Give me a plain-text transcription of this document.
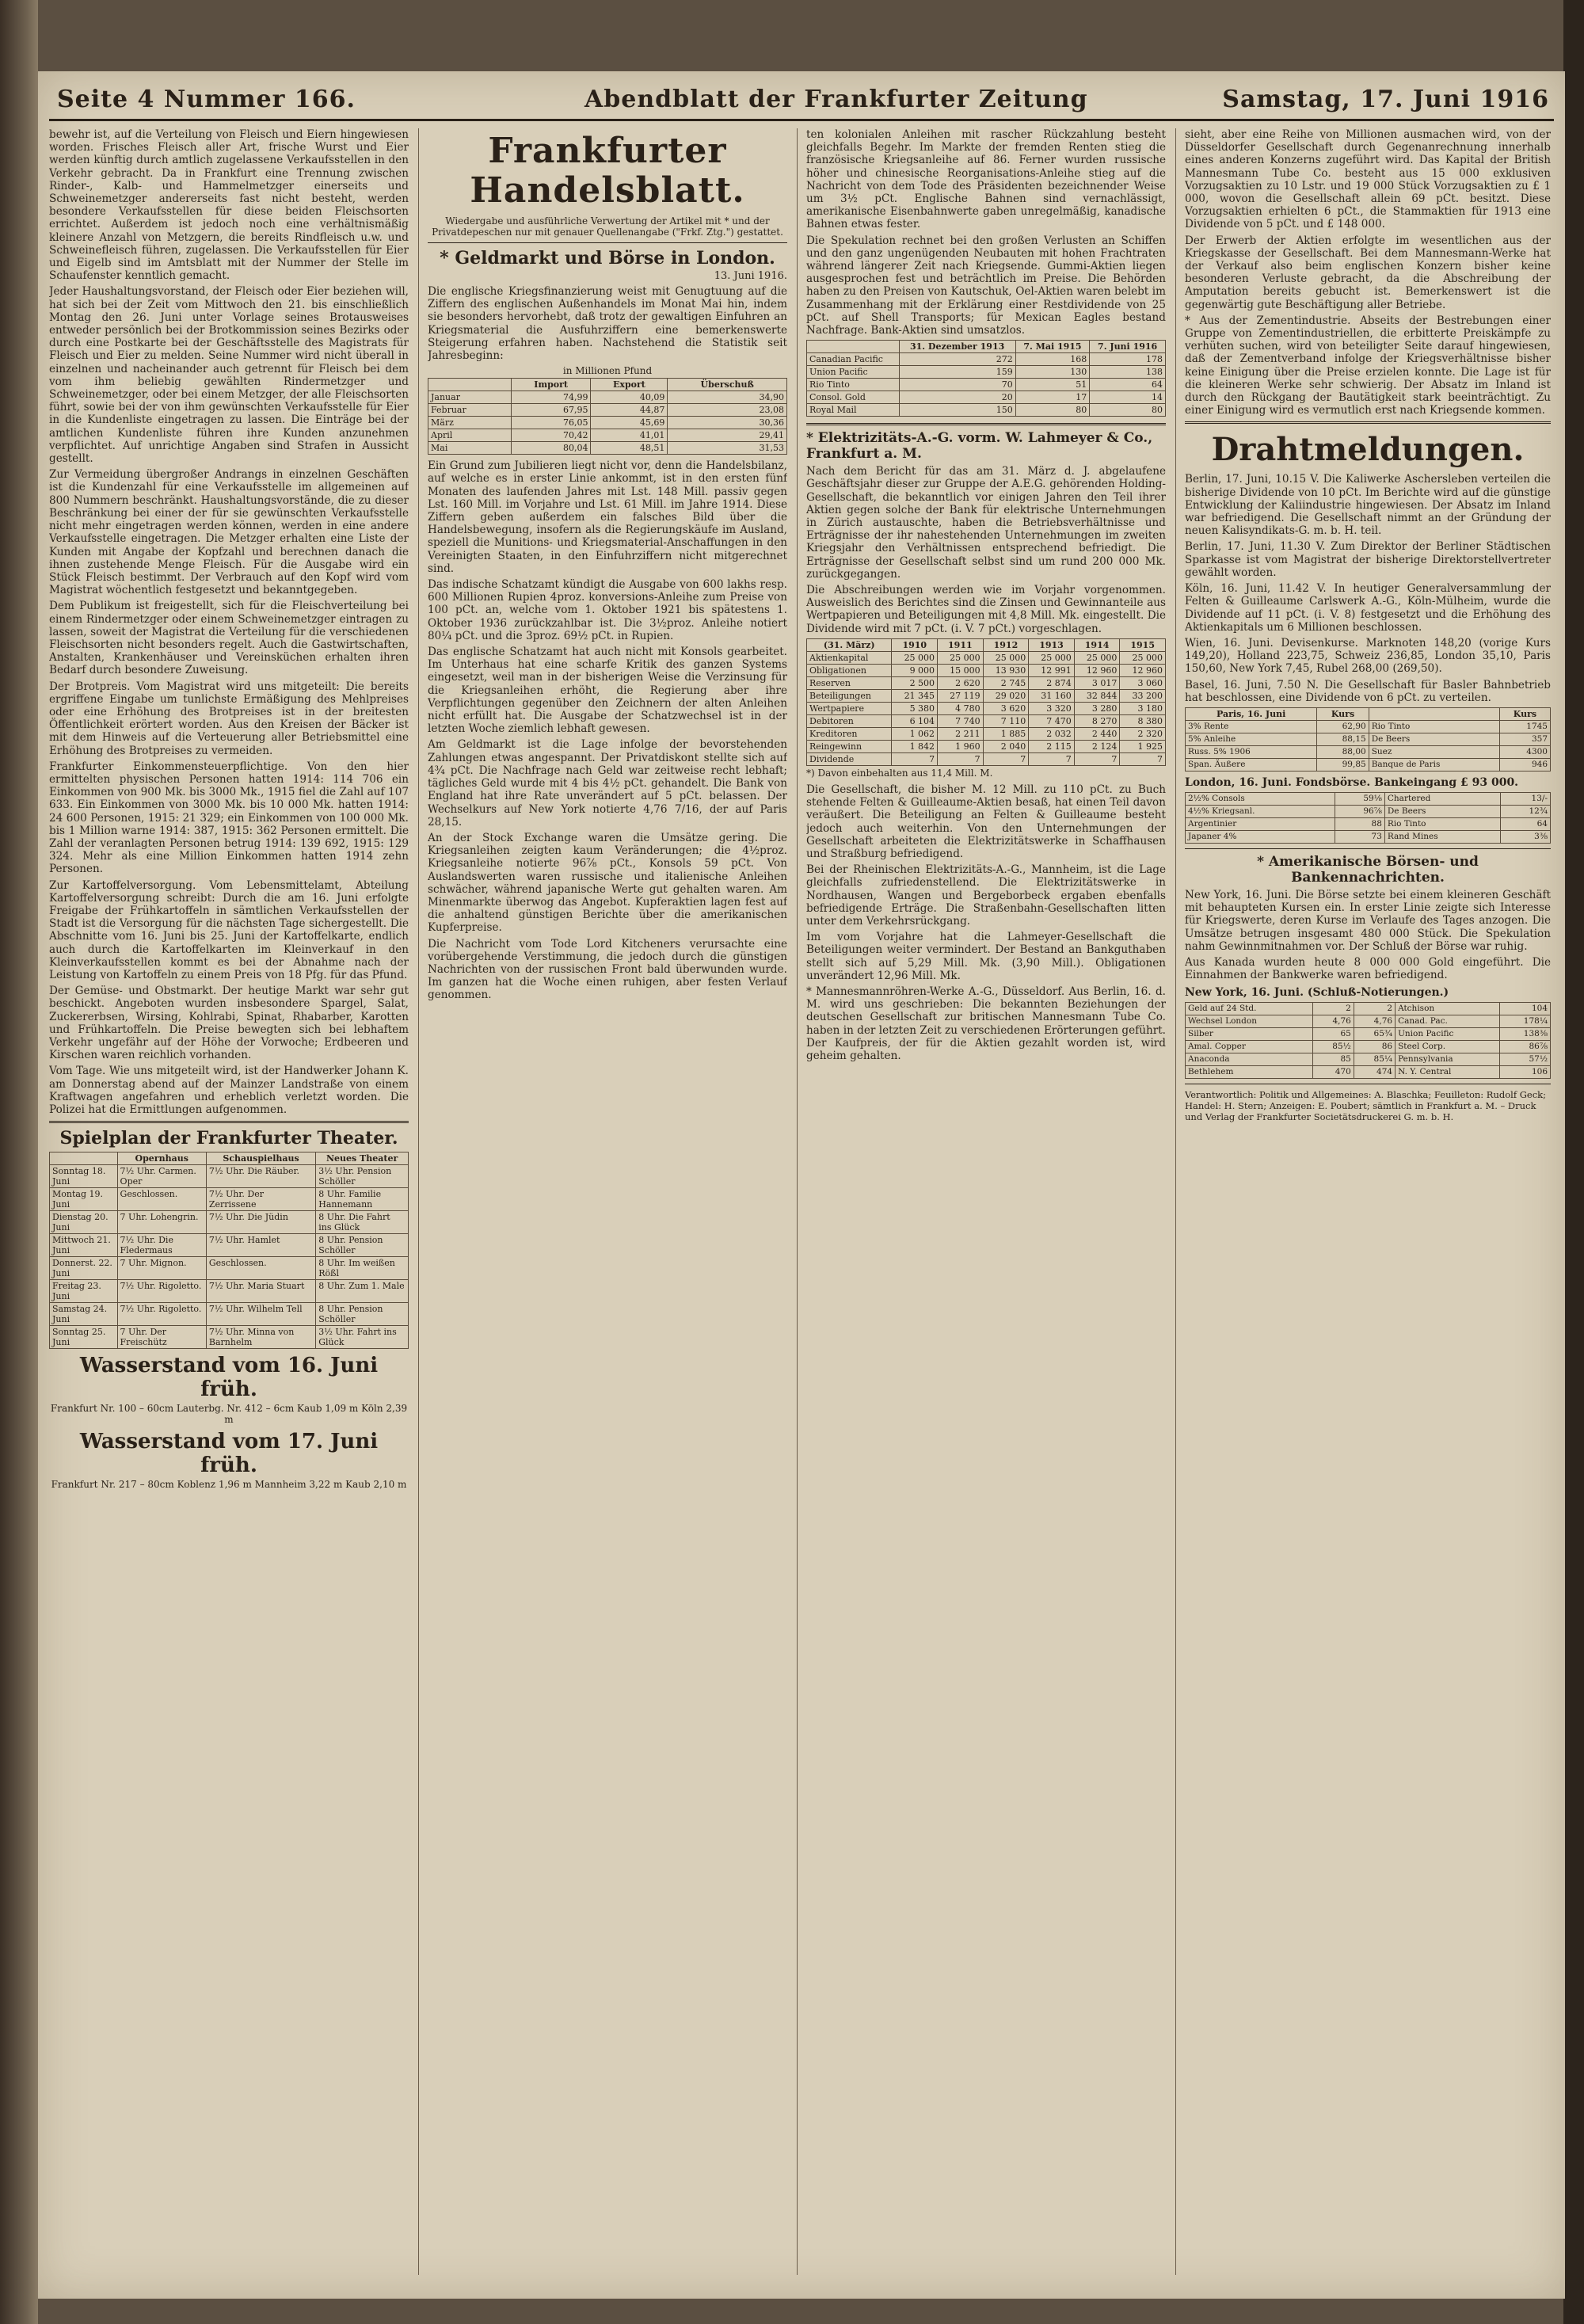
Seite 4 Nummer 166.	Abendblatt der Frankfurter Zeitung	Samstag, 17. Juni 1916

bewehr ist, auf die Verteilung von Fleisch und Eiern hingewiesen worden. Frisches Fleisch aller Art, frische Wurst und Eier werden künftig durch amtlich zugelassene Verkaufsstellen in den Verkehr gebracht. Da in Frankfurt eine Trennung zwischen Rinder-, Kalb- und Hammelmetzger einerseits und Schweinemetzger andererseits fast nicht besteht, werden besondere Verkaufsstellen für diese beiden Fleischsorten errichtet. Außerdem ist jedoch noch eine verhältnismäßig kleinere Anzahl von Metzgern, die bereits Rindfleisch u.w. und Schweinefleisch führen, zugelassen. Die Verkaufsstellen für Eier und Eigelb sind im Amtsblatt mit der Nummer der Stelle im Schaufenster kenntlich gemacht.

Jeder Haushaltungsvorstand, der Fleisch oder Eier beziehen will, hat sich bei der Zeit vom Mittwoch den 21. bis einschließlich Montag den 26. Juni unter Vorlage seines Brotausweises entweder persönlich bei der Brotkommission seines Bezirks oder durch eine Postkarte bei der Geschäftsstelle des Magistrats für Fleisch und Eier zu melden. Seine Nummer wird nicht überall in einzelnen und nacheinander auch getrennt für Fleisch bei dem vom ihm beliebig gewählten Rindermetzger und Schweinemetzger, oder bei einem Metzger, der alle Fleischsorten führt, sowie bei der von ihm gewünschten Verkaufsstelle für Eier in die Kundenliste eingetragen zu lassen. Die Einträge bei der amtlichen Kundenliste führen ihre Kunden anzunehmen verpflichtet. Auf unrichtige Angaben sind Strafen in Aussicht gestellt.

Zur Vermeidung übergroßer Andrangs in einzelnen Geschäften ist die Kundenzahl für eine Verkaufsstelle im allgemeinen auf 800 Nummern beschränkt. Haushaltungsvorstände, die zu dieser Beschränkung bei einer der für sie gewünschten Verkaufsstelle nicht mehr eingetragen werden können, werden in eine andere Verkaufsstelle eingetragen. Die Metzger erhalten eine Liste der Kunden mit Angabe der Kopfzahl und berechnen danach die ihnen zustehende Menge Fleisch. Für die Ausgabe wird ein Stück Fleisch bestimmt. Der Verbrauch auf den Kopf wird vom Magistrat wöchentlich festgesetzt und bekanntgegeben.

Dem Publikum ist freigestellt, sich für die Fleischverteilung bei einem Rindermetzger oder einem Schweinemetzger eintragen zu lassen, soweit der Magistrat die Verteilung für die verschiedenen Fleischsorten nicht besonders regelt. Auch die Gastwirtschaften, Anstalten, Krankenhäuser und Vereinsküchen erhalten ihren Bedarf durch besondere Zuweisung.

Der Brotpreis. Vom Magistrat wird uns mitgeteilt: Die bereits ergriffene Eingabe um tunlichste Ermäßigung des Mehlpreises oder eine Erhöhung des Brotpreises ist in der breitesten Öffentlichkeit erörtert worden. Aus den Kreisen der Bäcker ist mit dem Hinweis auf die Verteuerung aller Betriebsmittel eine Erhöhung des Brotpreises zu vermeiden.

Frankfurter Einkommensteuerpflichtige. Von den hier ermittelten physischen Personen hatten 1914: 114 706 ein Einkommen von 900 Mk. bis 3000 Mk., 1915 fiel die Zahl auf 107 633. Ein Einkommen von 3000 Mk. bis 10 000 Mk. hatten 1914: 24 600 Personen, 1915: 21 329; ein Einkommen von 100 000 Mk. bis 1 Million warne 1914: 387, 1915: 362 Personen ermittelt. Die Zahl der veranlagten Personen betrug 1914: 139 692, 1915: 129 324. Mehr als eine Million Einkommen hatten 1914 zehn Personen.

Zur Kartoffelversorgung. Vom Lebensmittelamt, Abteilung Kartoffelversorgung schreibt: Durch die am 16. Juni erfolgte Freigabe der Frühkartoffeln in sämtlichen Verkaufsstellen der Stadt ist die Versorgung für die nächsten Tage sichergestellt. Die Abschnitte vom 16. Juni bis 25. Juni der Kartoffelkarte, endlich auch durch die Kartoffelkarten im Kleinverkauf in den Kleinverkaufsstellen kommt es bei der Abnahme nach der Leistung von Kartoffeln zu einem Preis von 18 Pfg. für das Pfund.

Der Gemüse- und Obstmarkt. Der heutige Markt war sehr gut beschickt. Angeboten wurden insbesondere Spargel, Salat, Zuckererbsen, Wirsing, Kohlrabi, Spinat, Rhabarber, Karotten und Frühkartoffeln. Die Preise bewegten sich bei lebhaftem Verkehr ungefähr auf der Höhe der Vorwoche; Erdbeeren und Kirschen waren reichlich vorhanden.

Vom Tage. Wie uns mitgeteilt wird, ist der Handwerker Johann K. am Donnerstag abend auf der Mainzer Landstraße von einem Kraftwagen angefahren und erheblich verletzt worden. Die Polizei hat die Ermittlungen aufgenommen.

Spielplan der Frankfurter Theater.
	Opernhaus	Schauspielhaus	Neues Theater
Sonntag 18. Juni	7½ Uhr. Carmen. Oper	7½ Uhr. Die Räuber.	3½ Uhr. Pension Schöller
Montag 19. Juni	Geschlossen.	7½ Uhr. Der Zerrissene	8 Uhr. Familie Hannemann
Dienstag 20. Juni	7 Uhr. Lohengrin.	7½ Uhr. Die Jüdin	8 Uhr. Die Fahrt ins Glück
Mittwoch 21. Juni	7½ Uhr. Die Fledermaus	7½ Uhr. Hamlet	8 Uhr. Pension Schöller
Donnerst. 22. Juni	7 Uhr. Mignon.	Geschlossen.	8 Uhr. Im weißen Rößl
Freitag 23. Juni	7½ Uhr. Rigoletto.	7½ Uhr. Maria Stuart	8 Uhr. Zum 1. Male
Samstag 24. Juni	7½ Uhr. Rigoletto.	7½ Uhr. Wilhelm Tell	8 Uhr. Pension Schöller
Sonntag 25. Juni	7 Uhr. Der Freischütz	7½ Uhr. Minna von Barnhelm	3½ Uhr. Fahrt ins Glück
Wasserstand vom 16. Juni früh.
Frankfurt Nr. 100 – 60cm Lauterbg. Nr. 412 – 6cm Kaub 1,09 m Köln 2,39 m
Wasserstand vom 17. Juni früh.
Frankfurt Nr. 217 – 80cm Koblenz 1,96 m Mannheim 3,22 m Kaub 2,10 m
Frankfurter Handelsblatt.
Wiedergabe und ausführliche Verwertung der Artikel mit * und der Privatdepeschen nur mit genauer Quellenangabe ("Frkf. Ztg.") gestattet.
* Geldmarkt und Börse in London.
13. Juni 1916.

Die englische Kriegsfinanzierung weist mit Genugtuung auf die Ziffern des englischen Außenhandels im Monat Mai hin, indem sie besonders hervorhebt, daß trotz der gewaltigen Einfuhren an Kriegsmaterial die Ausfuhrziffern eine bemerkenswerte Steigerung erfahren haben. Nachstehend die Statistik seit Jahresbeginn:

in Millionen Pfund
	Import	Export	Überschuß
Januar	74,99	40,09	34,90
Februar	67,95	44,87	23,08
März	76,05	45,69	30,36
April	70,42	41,01	29,41
Mai	80,04	48,51	31,53

Ein Grund zum Jubilieren liegt nicht vor, denn die Handelsbilanz, auf welche es in erster Linie ankommt, ist in den ersten fünf Monaten des laufenden Jahres mit Lst. 148 Mill. passiv gegen Lst. 160 Mill. im Vorjahre und Lst. 61 Mill. im Jahre 1914. Diese Ziffern geben außerdem ein falsches Bild über die Handelsbewegung, insofern als die Regierungskäufe im Ausland, speziell die Munitions- und Kriegsmaterial-Anschaffungen in den Vereinigten Staaten, in den Einfuhrziffern nicht mitgerechnet sind.

Das indische Schatzamt kündigt die Ausgabe von 600 lakhs resp. 600 Millionen Rupien 4proz. konversions-Anleihe zum Preise von 100 pCt. an, welche vom 1. Oktober 1921 bis spätestens 1. Oktober 1936 zurückzahlbar ist. Die 3½proz. Anleihe notiert 80¼ pCt. und die 3proz. 69½ pCt. in Rupien.

Das englische Schatzamt hat auch nicht mit Konsols gearbeitet. Im Unterhaus hat eine scharfe Kritik des ganzen Systems eingesetzt, weil man in der bisherigen Weise die Verzinsung für die Kriegsanleihen erhöht, die Regierung aber ihre Verpflichtungen gegenüber den Zeichnern der alten Anleihen nicht erfüllt hat. Die Ausgabe der Schatzwechsel ist in der letzten Woche ziemlich lebhaft gewesen.

Am Geldmarkt ist die Lage infolge der bevorstehenden Zahlungen etwas angespannt. Der Privatdiskont stellte sich auf 4¾ pCt. Die Nachfrage nach Geld war zeitweise recht lebhaft; tägliches Geld wurde mit 4 bis 4½ pCt. gehandelt. Die Bank von England hat ihre Rate unverändert auf 5 pCt. belassen. Der Wechselkurs auf New York notierte 4,76 7/16, der auf Paris 28,15.

An der Stock Exchange waren die Umsätze gering. Die Kriegsanleihen zeigten kaum Veränderungen; die 4½proz. Kriegsanleihe notierte 96⅞ pCt., Konsols 59 pCt. Von Auslandswerten waren russische und italienische Anleihen schwächer, während japanische Werte gut gehalten waren. Am Minenmarkte überwog das Angebot. Kupferaktien lagen fest auf die anhaltend günstigen Berichte über die amerikanischen Kupferpreise.

Die Nachricht vom Tode Lord Kitcheners verursachte eine vorübergehende Verstimmung, die jedoch durch die günstigen Nachrichten von der russischen Front bald überwunden wurde. Im ganzen hat die Woche einen ruhigen, aber festen Verlauf genommen.

ten kolonialen Anleihen mit rascher Rückzahlung besteht gleichfalls Begehr. Im Markte der fremden Renten stieg die französische Kriegsanleihe auf 86. Ferner wurden russische höher und chinesische Reorganisations-Anleihe stieg auf die Nachricht von dem Tode des Präsidenten bezeichnender Weise um 3½ pCt. Englische Bahnen sind vernachlässigt, amerikanische Eisenbahnwerte gaben unregelmäßig, kanadische Bahnen etwas fester.

Die Spekulation rechnet bei den großen Verlusten an Schiffen und den ganz ungenügenden Neubauten mit hohen Frachtraten während längerer Zeit nach Kriegsende. Gummi-Aktien liegen ausgesprochen fest und beträchtlich im Preise. Die Behörden haben zu den Preisen von Kautschuk, Oel-Aktien waren belebt im Zusammenhang mit der Erklärung einer Restdividende von 25 pCt. auf Shell Transports; für Mexican Eagles bestand Nachfrage. Bank-Aktien sind umsatzlos.

	31. Dezember 1913	7. Mai 1915	7. Juni 1916
Canadian Pacific	272	168	178
Union Pacific	159	130	138
Rio Tinto	70	51	64
Consol. Gold	20	17	14
Royal Mail	150	80	80
* Elektrizitäts-A.-G. vorm. W. Lahmeyer & Co., Frankfurt a. M.

Nach dem Bericht für das am 31. März d. J. abgelaufene Geschäftsjahr dieser zur Gruppe der A.E.G. gehörenden Holding-Gesellschaft, die bekanntlich vor einigen Jahren den Teil ihrer Aktien gegen solche der Bank für elektrische Unternehmungen in Zürich austauschte, haben die Betriebsverhältnisse und Erträgnisse der ihr nahestehenden Unternehmungen im zweiten Kriegsjahr den Verhältnissen entsprechend befriedigt. Die Erträgnisse der Gesellschaft selbst sind um rund 200 000 Mk. zurückgegangen.

Die Abschreibungen werden wie im Vorjahr vorgenommen. Ausweislich des Berichtes sind die Zinsen und Gewinnanteile aus Wertpapieren und Beteiligungen mit 4,8 Mill. Mk. eingestellt. Die Dividende wird mit 7 pCt. (i. V. 7 pCt.) vorgeschlagen.

(31. März)	1910	1911	1912	1913	1914	1915
Aktienkapital	25 000	25 000	25 000	25 000	25 000	25 000
Obligationen	9 000	15 000	13 930	12 991	12 960	12 960
Reserven	2 500	2 620	2 745	2 874	3 017	3 060
Beteiligungen	21 345	27 119	29 020	31 160	32 844	33 200
Wertpapiere	5 380	4 780	3 620	3 320	3 280	3 180
Debitoren	6 104	7 740	7 110	7 470	8 270	8 380
Kreditoren	1 062	2 211	1 885	2 032	2 440	2 320
Reingewinn	1 842	1 960	2 040	2 115	2 124	1 925
Dividende	7	7	7	7	7	7
*) Davon einbehalten aus 11,4 Mill. M.

Die Gesellschaft, die bisher M. 12 Mill. zu 110 pCt. zu Buch stehende Felten & Guilleaume-Aktien besaß, hat einen Teil davon veräußert. Die Beteiligung an Felten & Guilleaume besteht jedoch auch weiterhin. Von den Unternehmungen der Gesellschaft arbeiteten die Elektrizitätswerke in Schaffhausen und Straßburg befriedigend.

Bei der Rheinischen Elektrizitäts-A.-G., Mannheim, ist die Lage gleichfalls zufriedenstellend. Die Elektrizitätswerke in Nordhausen, Wangen und Bergeborbeck ergaben ebenfalls befriedigende Erträge. Die Straßenbahn-Gesellschaften litten unter dem Verkehrsrückgang.

Im vom Vorjahre hat die Lahmeyer-Gesellschaft die Beteiligungen weiter vermindert. Der Bestand an Bankguthaben stellt sich auf 5,29 Mill. Mk. (3,90 Mill.). Obligationen unverändert 12,96 Mill. Mk.

* Mannesmannröhren-Werke A.-G., Düsseldorf. Aus Berlin, 16. d. M. wird uns geschrieben: Die bekannten Beziehungen der deutschen Gesellschaft zur britischen Mannesmann Tube Co. haben in der letzten Zeit zu verschiedenen Erörterungen geführt. Der Kaufpreis, der für die Aktien gezahlt worden ist, wird geheim gehalten.

sieht, aber eine Reihe von Millionen ausmachen wird, von der Düsseldorfer Gesellschaft durch Gegenanrechnung innerhalb eines anderen Konzerns zugeführt wird. Das Kapital der British Mannesmann Tube Co. besteht aus 15 000 exklusiven Vorzugsaktien zu 10 Lstr. und 19 000 Stück Vorzugsaktien zu £ 1 000, wovon die Gesellschaft allein 69 pCt. besitzt. Diese Vorzugsaktien erhielten 6 pCt., die Stammaktien für 1913 eine Dividende von 5 pCt. und £ 148 000.

Der Erwerb der Aktien erfolgte im wesentlichen aus der Kriegskasse der Gesellschaft. Bei dem Mannesmann-Werke hat der Verkauf also beim englischen Konzern bisher keine besonderen Verluste gebracht, da die Abschreibung der Amputation bereits gebucht ist. Bemerkenswert ist die gegenwärtig gute Beschäftigung aller Betriebe.

* Aus der Zementindustrie. Abseits der Bestrebungen einer Gruppe von Zementindustriellen, die erbitterte Preiskämpfe zu verhüten suchen, wird von beteiligter Seite darauf hingewiesen, daß der Zementverband infolge der Kriegsverhältnisse bisher keine Einigung über die Preise erzielen konnte. Die Lage ist für die kleineren Werke sehr schwierig. Der Absatz im Inland ist durch den Rückgang der Bautätigkeit stark beeinträchtigt. Zu einer Einigung wird es vermutlich erst nach Kriegsende kommen.

Drahtmeldungen.

Berlin, 17. Juni, 10.15 V. Die Kaliwerke Aschersleben verteilen die bisherige Dividende von 10 pCt. Im Berichte wird auf die günstige Entwicklung der Kaliindustrie hingewiesen. Der Absatz im Inland war befriedigend. Die Gesellschaft nimmt an der Gründung der neuen Kalisyndikats-G. m. b. H. teil.

Berlin, 17. Juni, 11.30 V. Zum Direktor der Berliner Städtischen Sparkasse ist vom Magistrat der bisherige Direktorstellvertreter gewählt worden.

Köln, 16. Juni, 11.42 V. In heutiger Generalversammlung der Felten & Guilleaume Carlswerk A.-G., Köln-Mülheim, wurde die Dividende auf 11 pCt. (i. V. 8) festgesetzt und die Erhöhung des Aktienkapitals um 6 Millionen beschlossen.

Wien, 16. Juni. Devisenkurse. Marknoten 148,20 (vorige Kurs 149,20), Holland 223,75, Schweiz 236,85, London 35,10, Paris 150,60, New York 7,45, Rubel 268,00 (269,50).

Basel, 16. Juni, 7.50 N. Die Gesellschaft für Basler Bahnbetrieb hat beschlossen, eine Dividende von 6 pCt. zu verteilen.

Paris, 16. Juni	Kurs		Kurs
3% Rente	62,90	Rio Tinto	1745
5% Anleihe	88,15	De Beers	357
Russ. 5% 1906	88,00	Suez	4300
Span. Äußere	99,85	Banque de Paris	946
London, 16. Juni. Fondsbörse. Bankeingang £ 93 000.
2½% Consols	59⅛	Chartered	13/-
4½% Kriegsanl.	96⅞	De Beers	12¾
Argentinier	88	Rio Tinto	64
Japaner 4%	73	Rand Mines	3⅜
* Amerikanische Börsen- und Bankennachrichten.

New York, 16. Juni. Die Börse setzte bei einem kleineren Geschäft mit behaupteten Kursen ein. In erster Linie zeigte sich Interesse für Kriegswerte, deren Kurse im Verlaufe des Tages anzogen. Die Umsätze betrugen insgesamt 480 000 Stück. Die Spekulation nahm Gewinnmitnahmen vor. Der Schluß der Börse war ruhig.

Aus Kanada wurden heute 8 000 000 Gold eingeführt. Die Einnahmen der Bankwerke waren befriedigend.

New York, 16. Juni. (Schluß-Notierungen.)
Geld auf 24 Std.	2	2	Atchison	104
Wechsel London	4,76	4,76	Canad. Pac.	178¼
Silber	65	65¾	Union Pacific	138⅜
Amal. Copper	85½	86	Steel Corp.	86⅞
Anaconda	85	85¼	Pennsylvania	57½
Bethlehem	470	474	N. Y. Central	106
Verantwortlich: Politik und Allgemeines: A. Blaschka; Feuilleton: Rudolf Geck; Handel: H. Stern; Anzeigen: E. Poubert; sämtlich in Frankfurt a. M. – Druck und Verlag der Frankfurter Societätsdruckerei G. m. b. H.
